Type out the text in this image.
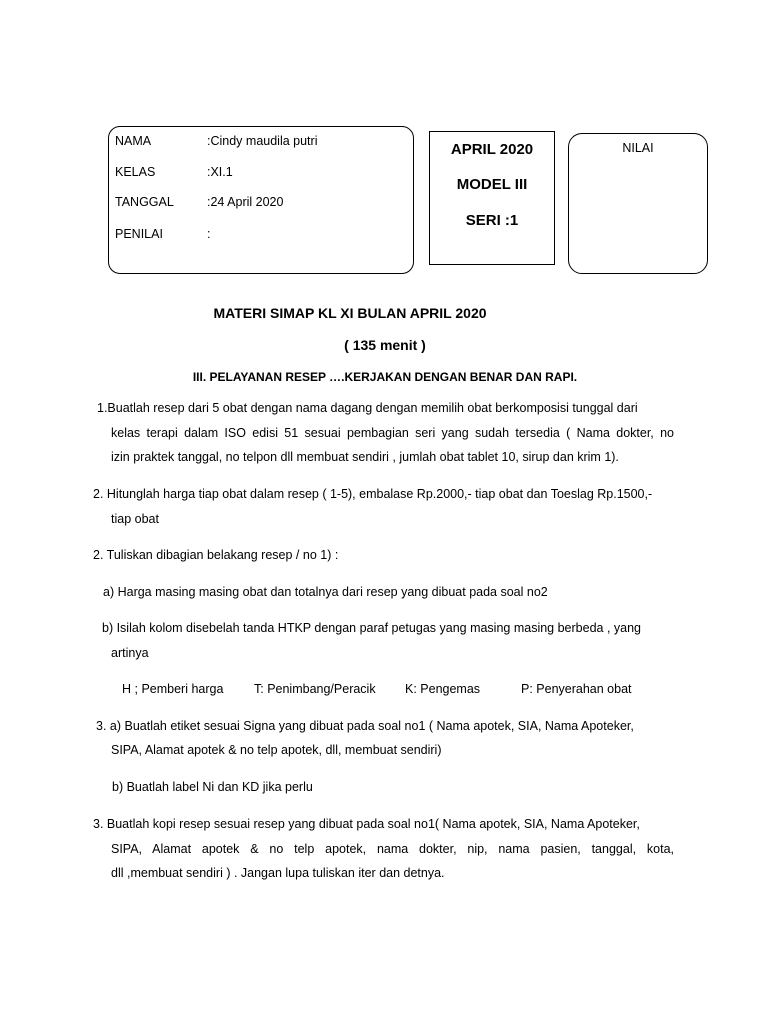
NAMA	:Cindy maudila putri
KELAS	:XI.1
TANGGAL	:24 April 2020
PENILAI	:
APRIL 2020
MODEL III
SERI :1
NILAI
MATERI SIMAP KL XI BULAN APRIL 2020
( 135 menit )
III. PELAYANAN RESEP ….KERJAKAN DENGAN BENAR DAN RAPI.
1.Buatlah resep dari 5 obat dengan nama dagang dengan memilih obat berkomposisi tunggal dari
kelas terapi dalam ISO edisi 51 sesuai pembagian seri yang sudah tersedia ( Nama dokter, no
izin praktek tanggal, no telpon dll membuat sendiri , jumlah obat tablet 10, sirup dan krim 1).
2. Hitunglah harga tiap obat dalam resep ( 1-5), embalase Rp.2000,- tiap obat dan Toeslag Rp.1500,-
tiap obat
2. Tuliskan dibagian belakang resep / no 1) :
a) Harga masing masing obat dan totalnya dari resep yang dibuat pada soal no2
b) Isilah kolom disebelah tanda HTKP dengan paraf petugas yang masing masing berbeda , yang
artinya
H ; Pemberi harga T: Penimbang/Peracik K: Pengemas	P: Penyerahan obat
3. a) Buatlah etiket sesuai Signa yang dibuat pada soal no1 ( Nama apotek, SIA, Nama Apoteker,
SIPA, Alamat apotek & no telp apotek, dll, membuat sendiri)
b) Buatlah label Ni dan KD jika perlu
3. Buatlah kopi resep sesuai resep yang dibuat pada soal no1( Nama apotek, SIA, Nama Apoteker,
SIPA, Alamat apotek & no telp apotek, nama dokter, nip, nama pasien, tanggal, kota,
dll ,membuat sendiri ) . Jangan lupa tuliskan iter dan detnya.
